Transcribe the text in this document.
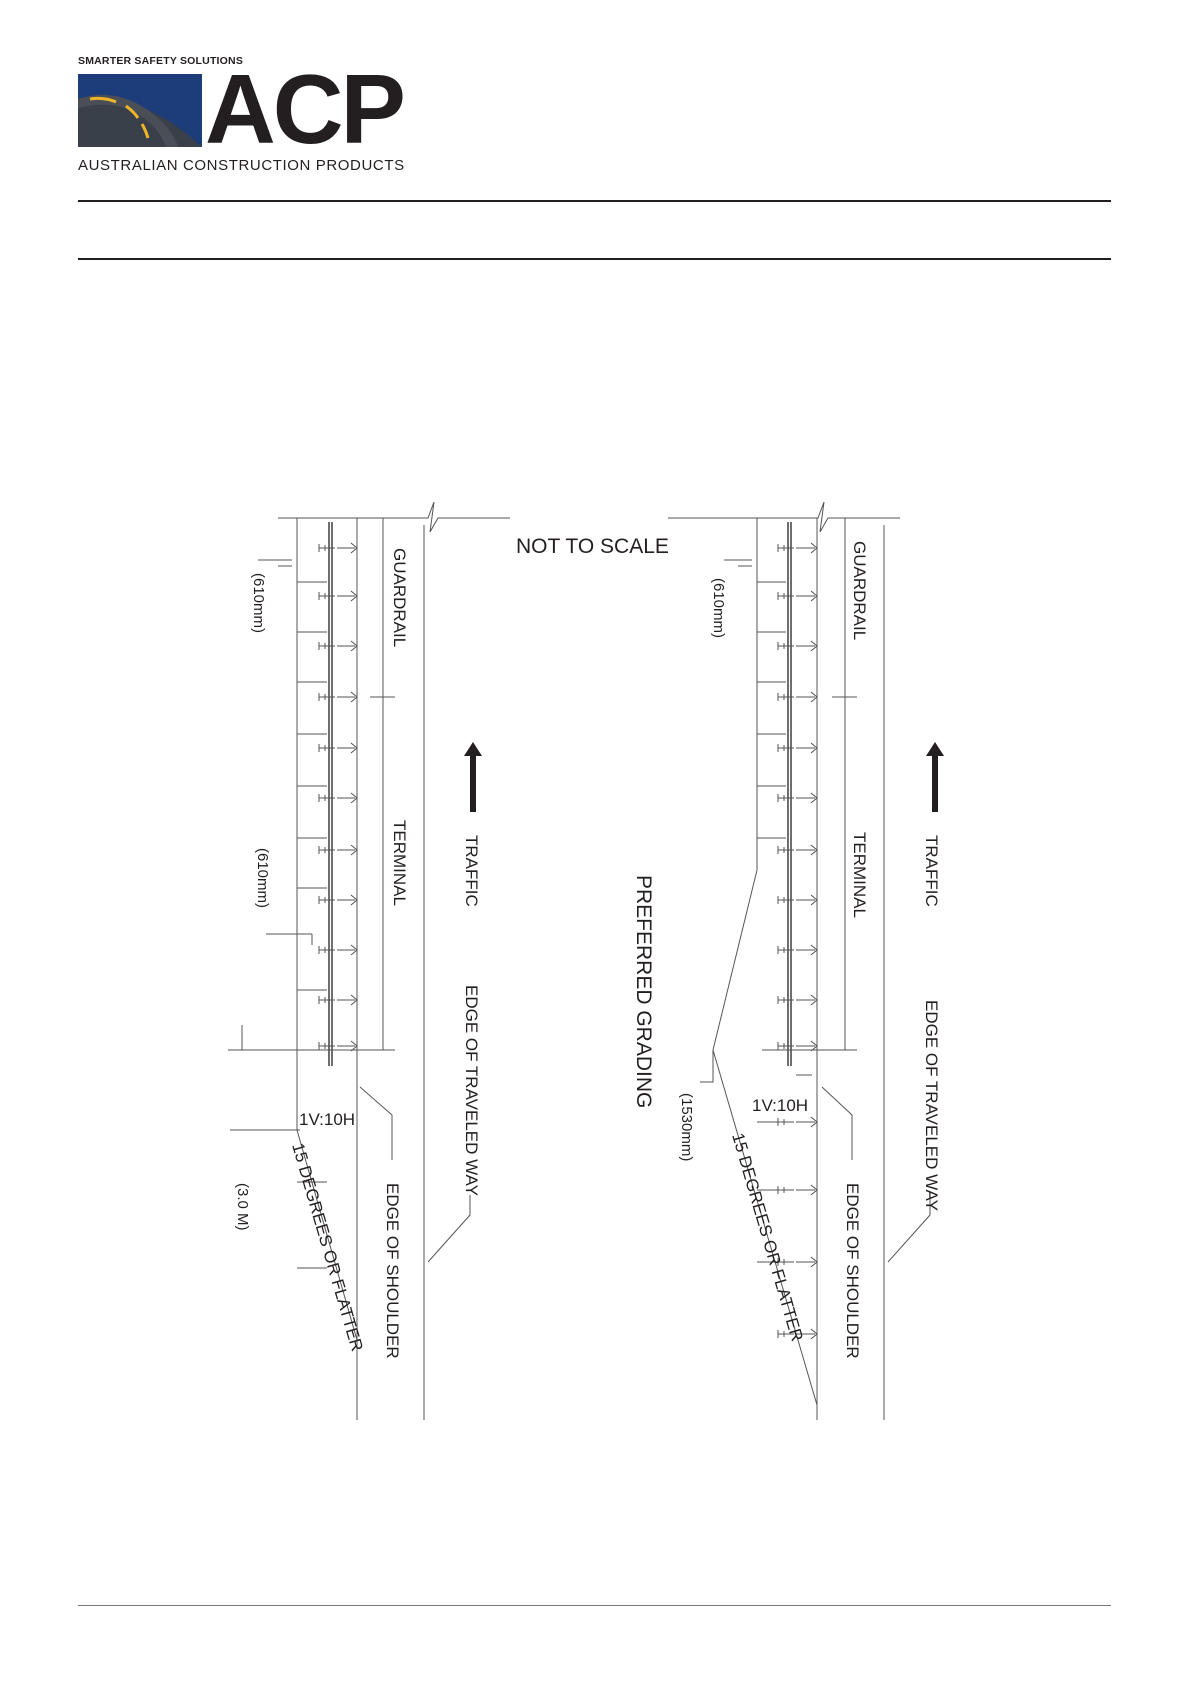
SMARTER SAFETY SOLUTIONS
ACP
AUSTRALIAN CONSTRUCTION PRODUCTS
GUARDRAIL
TERMINAL	TRAFFIC
EDGE OF TRAVELED WAY
EDGE OF SHOULDER
(610mm)
(610mm)
(3.0 M)
1V:10H
15 DEGREES OR FLATTER
NOT TO SCALE
PREFERRED GRADING
GUARDRAIL
TERMINAL	TRAFFIC
EDGE OF TRAVELED WAY
EDGE OF SHOULDER
(610mm)
(1530mm)	1V:10H
15 DEGREES OR FLATTER
